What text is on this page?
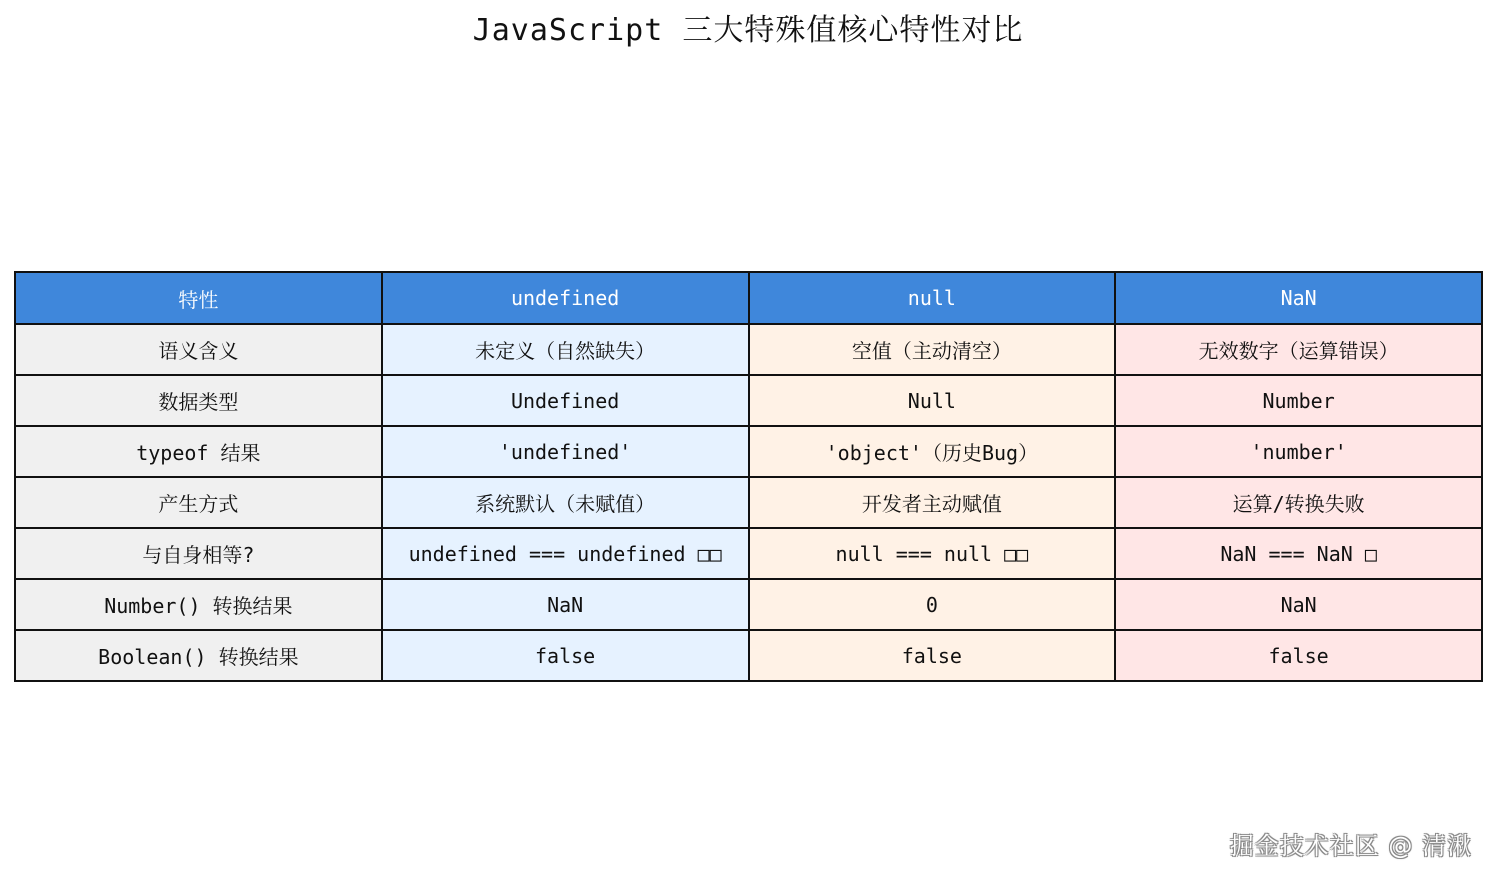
JavaScript 三大特殊值核心特性对比
特性	undefined	null	NaN
语义含义	未定义（自然缺失）	空值（主动清空）	无效数字（运算错误）
数据类型	Undefined	Null	Number
typeof 结果	'undefined'	'object'（历史Bug）	'number'
产生方式	系统默认（未赋值）	开发者主动赋值	运算/转换失败
与自身相等?	undefined === undefined □□	null === null □□	NaN === NaN □
Number() 转换结果	NaN	0	NaN
Boolean() 转换结果	false	false	false
掘金技术社区 @ 清湫
